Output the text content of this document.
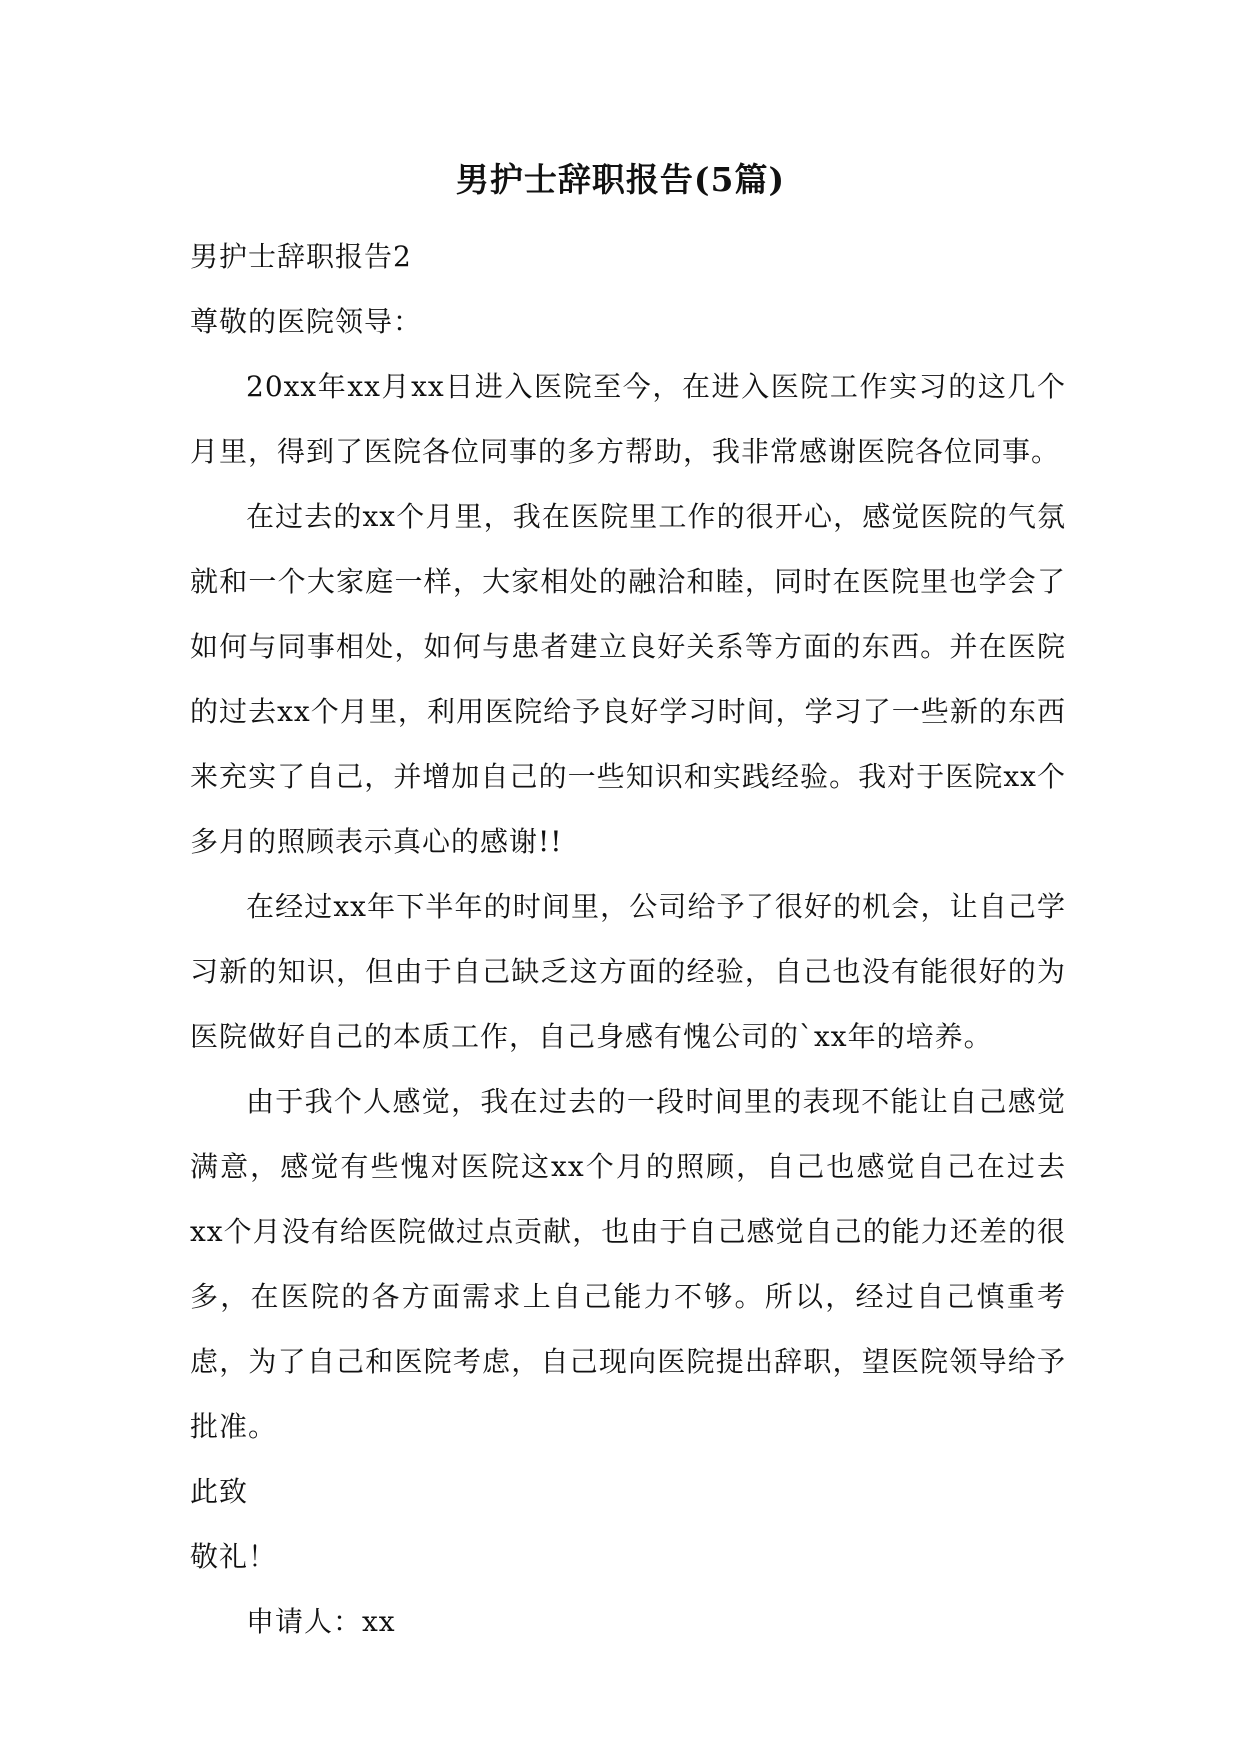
男护士辞职报告(5篇)

男护士辞职报告2

尊敬的医院领导：

20xx年xx月xx日进入医院至今，在进入医院工作实习的这几个月里，得到了医院各位同事的多方帮助，我非常感谢医院各位同事。

在过去的xx个月里，我在医院里工作的很开心，感觉医院的气氛就和一个大家庭一样，大家相处的融洽和睦，同时在医院里也学会了如何与同事相处，如何与患者建立良好关系等方面的东西。并在医院的过去xx个月里，利用医院给予良好学习时间，学习了一些新的东西来充实了自己，并增加自己的一些知识和实践经验。我对于医院xx个多月的照顾表示真心的感谢!!

在经过xx年下半年的时间里，公司给予了很好的机会，让自己学习新的知识，但由于自己缺乏这方面的经验，自己也没有能很好的为医院做好自己的本质工作，自己身感有愧公司的`xx年的培养。

由于我个人感觉，我在过去的一段时间里的表现不能让自己感觉满意，感觉有些愧对医院这xx个月的照顾，自己也感觉自己在过去xx个月没有给医院做过点贡献，也由于自己感觉自己的能力还差的很多，在医院的各方面需求上自己能力不够。所以，经过自己慎重考虑，为了自己和医院考虑，自己现向医院提出辞职，望医院领导给予批准。

此致

敬礼！

申请人：xx
